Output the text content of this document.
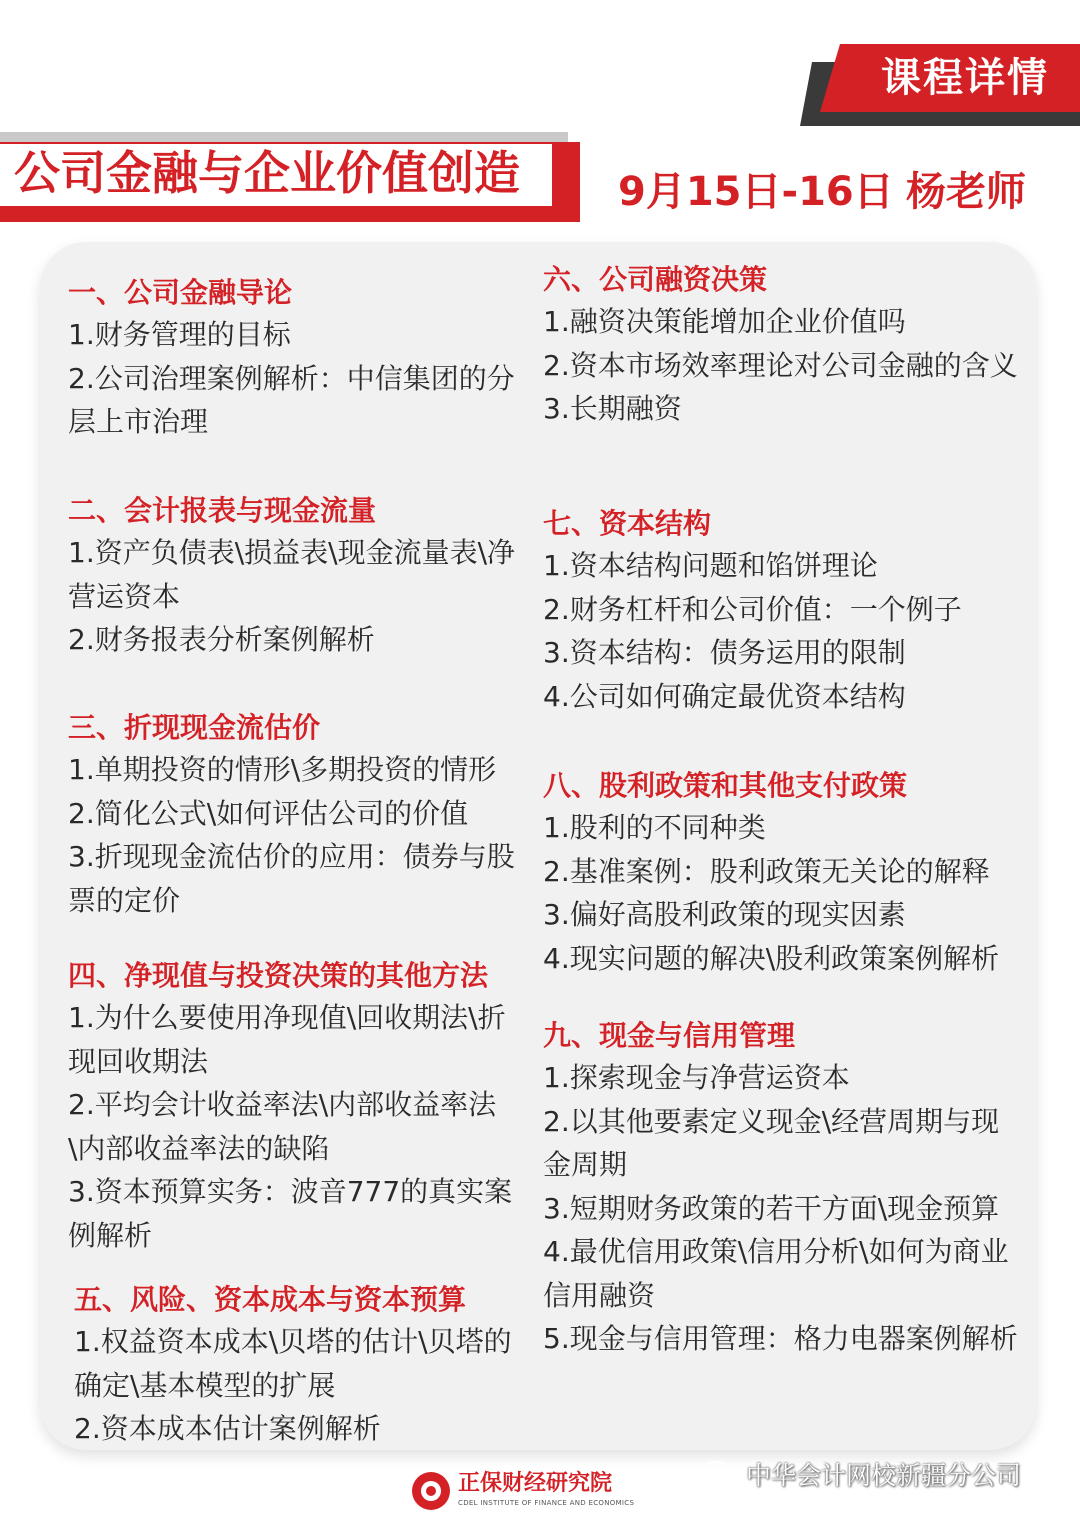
课程详情
公司金融与企业价值创造	9月15日-16日 杨老师
一、公司金融导论

1.财务管理的目标

2.公司治理案例解析：中信集团的分层上市治理

二、会计报表与现金流量

1.资产负债表\损益表\现金流量表\净营运资本

2.财务报表分析案例解析

三、折现现金流估价

1.单期投资的情形\多期投资的情形

2.简化公式\如何评估公司的价值

3.折现现金流估价的应用：债券与股票的定价

四、净现值与投资决策的其他方法

1.为什么要使用净现值\回收期法\折现回收期法

2.平均会计收益率法\内部收益率法\内部收益率法的缺陷

3.资本预算实务：波音777的真实案例解析

五、风险、资本成本与资本预算

1.权益资本成本\贝塔的估计\贝塔的确定\基本模型的扩展

2.资本成本估计案例解析

六、公司融资决策

1.融资决策能增加企业价值吗

2.资本市场效率理论对公司金融的含义

3.长期融资

七、资本结构

1.资本结构问题和馅饼理论

2.财务杠杆和公司价值：一个例子

3.资本结构：债务运用的限制

4.公司如何确定最优资本结构

八、股利政策和其他支付政策

1.股利的不同种类

2.基准案例：股利政策无关论的解释

3.偏好高股利政策的现实因素

4.现实问题的解决\股利政策案例解析

九、现金与信用管理

1.探索现金与净营运资本

2.以其他要素定义现金\经营周期与现金周期

3.短期财务政策的若干方面\现金预算

4.最优信用政策\信用分析\如何为商业信用融资

5.现金与信用管理：格力电器案例解析

正保财经研究院
CDEL INSTITUTE OF FINANCE AND ECONOMICS
中华会计网校新疆分公司
